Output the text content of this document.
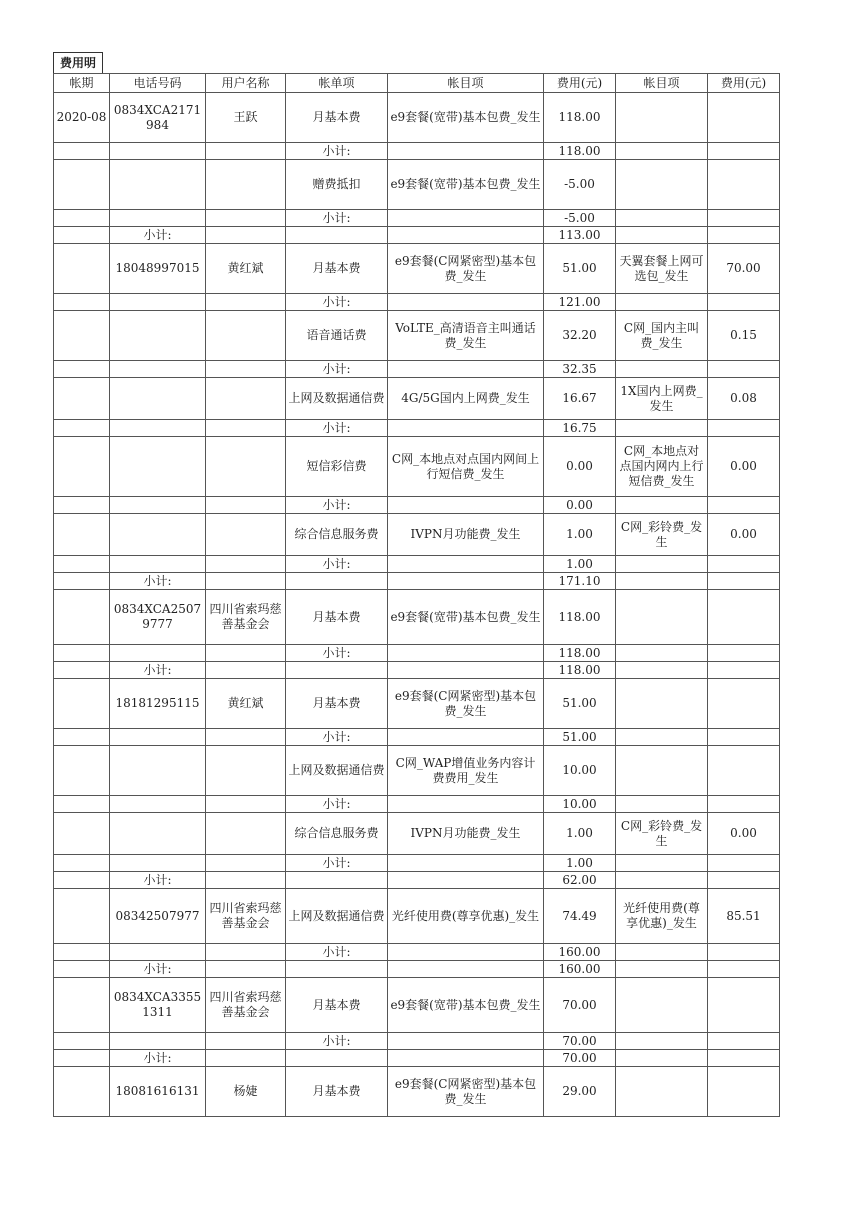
费用明
帐期	电话号码	用户名称	帐单项	帐目项	费用(元)	帐目项	费用(元)
2020-08	0834XCA2171984	王跃	月基本费	e9套餐(宽带)基本包费_发生	118.00		
			小计:		118.00		
			赠费抵扣	e9套餐(宽带)基本包费_发生	-5.00		
			小计:		-5.00		
	小计:				113.00		
	18048997015	黄红斌	月基本费	e9套餐(C网紧密型)基本包费_发生	51.00	天翼套餐上网可选包_发生	70.00
			小计:		121.00		
			语音通话费	VoLTE_高清语音主叫通话费_发生	32.20	C网_国内主叫费_发生	0.15
			小计:		32.35		
			上网及数据通信费	4G/5G国内上网费_发生	16.67	1X国内上网费_发生	0.08
			小计:		16.75		
			短信彩信费	C网_本地点对点国内网间上行短信费_发生	0.00	C网_本地点对点国内网内上行短信费_发生	0.00
			小计:		0.00		
			综合信息服务费	IVPN月功能费_发生	1.00	C网_彩铃费_发生	0.00
			小计:		1.00		
	小计:				171.10		
	0834XCA25079777	四川省索玛慈善基金会	月基本费	e9套餐(宽带)基本包费_发生	118.00		
			小计:		118.00		
	小计:				118.00		
	18181295115	黄红斌	月基本费	e9套餐(C网紧密型)基本包费_发生	51.00		
			小计:		51.00		
			上网及数据通信费	C网_WAP增值业务内容计费费用_发生	10.00		
			小计:		10.00		
			综合信息服务费	IVPN月功能费_发生	1.00	C网_彩铃费_发生	0.00
			小计:		1.00		
	小计:				62.00		
	08342507977	四川省索玛慈善基金会	上网及数据通信费	光纤使用费(尊享优惠)_发生	74.49	光纤使用费(尊享优惠)_发生	85.51
			小计:		160.00		
	小计:				160.00		
	0834XCA33551311	四川省索玛慈善基金会	月基本费	e9套餐(宽带)基本包费_发生	70.00		
			小计:		70.00		
	小计:				70.00		
	18081616131	杨婕	月基本费	e9套餐(C网紧密型)基本包费_发生	29.00		
